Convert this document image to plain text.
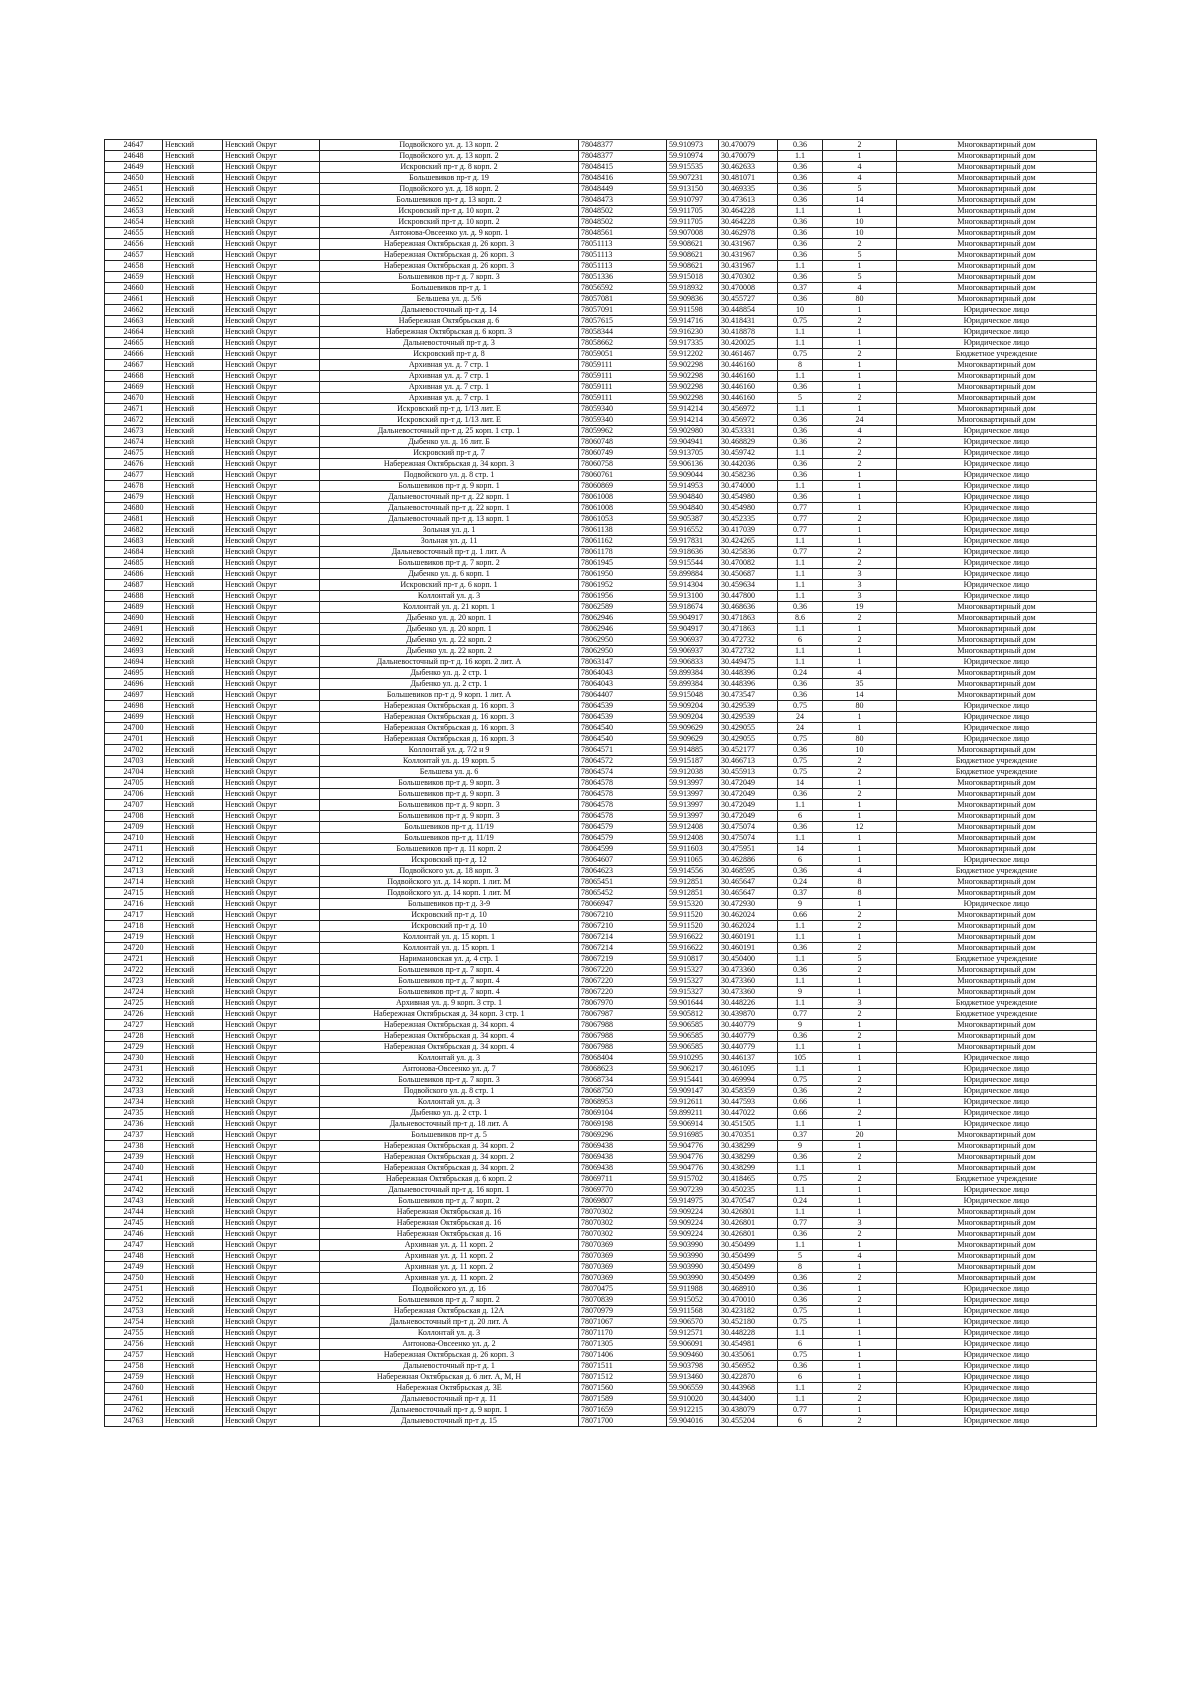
24647	Невский	Невский Округ	Подвойского ул. д. 13 корп. 2	78048377	59.910973	30.470079	0.36	2	Многоквартирный дом
24648	Невский	Невский Округ	Подвойского ул. д. 13 корп. 2	78048377	59.910974	30.470079	1.1	1	Многоквартирный дом
24649	Невский	Невский Округ	Искровский пр-т д. 8 корп. 2	78048415	59.915535	30.462633	0.36	4	Многоквартирный дом
24650	Невский	Невский Округ	Большевиков пр-т д. 19	78048416	59.907231	30.481071	0.36	4	Многоквартирный дом
24651	Невский	Невский Округ	Подвойского ул. д. 18 корп. 2	78048449	59.913150	30.469335	0.36	5	Многоквартирный дом
24652	Невский	Невский Округ	Большевиков пр-т д. 13 корп. 2	78048473	59.910797	30.473613	0.36	14	Многоквартирный дом
24653	Невский	Невский Округ	Искровский пр-т д. 10 корп. 2	78048502	59.911705	30.464228	1.1	1	Многоквартирный дом
24654	Невский	Невский Округ	Искровский пр-т д. 10 корп. 2	78048502	59.911705	30.464228	0.36	10	Многоквартирный дом
24655	Невский	Невский Округ	Антонова-Овсеенко ул. д. 9 корп. 1	78048561	59.907008	30.462978	0.36	10	Многоквартирный дом
24656	Невский	Невский Округ	Набережная Октябрьская д. 26 корп. 3	78051113	59.908621	30.431967	0.36	2	Многоквартирный дом
24657	Невский	Невский Округ	Набережная Октябрьская д. 26 корп. 3	78051113	59.908621	30.431967	0.36	5	Многоквартирный дом
24658	Невский	Невский Округ	Набережная Октябрьская д. 26 корп. 3	78051113	59.908621	30.431967	1.1	1	Многоквартирный дом
24659	Невский	Невский Округ	Большевиков пр-т д. 7 корп. 3	78051336	59.915018	30.470302	0.36	5	Многоквартирный дом
24660	Невский	Невский Округ	Большевиков пр-т д. 1	78056592	59.918932	30.470008	0.37	4	Многоквартирный дом
24661	Невский	Невский Округ	Бельшева ул. д. 5/6	78057081	59.909836	30.455727	0.36	80	Многоквартирный дом
24662	Невский	Невский Округ	Дальневосточный пр-т д. 14	78057091	59.911598	30.448854	10	1	Юридическое лицо
24663	Невский	Невский Округ	Набережная Октябрьская д. 6	78057615	59.914716	30.418431	0.75	2	Юридическое лицо
24664	Невский	Невский Округ	Набережная Октябрьская д. 6 корп. 3	78058344	59.916230	30.418878	1.1	1	Юридическое лицо
24665	Невский	Невский Округ	Дальневосточный пр-т д. 3	78058662	59.917335	30.420025	1.1	1	Юридическое лицо
24666	Невский	Невский Округ	Искровский пр-т д. 8	78059051	59.912202	30.461467	0.75	2	Бюджетное учреждение
24667	Невский	Невский Округ	Архивная ул. д. 7 стр. 1	78059111	59.902298	30.446160	8	1	Многоквартирный дом
24668	Невский	Невский Округ	Архивная ул. д. 7 стр. 1	78059111	59.902298	30.446160	1.1	1	Многоквартирный дом
24669	Невский	Невский Округ	Архивная ул. д. 7 стр. 1	78059111	59.902298	30.446160	0.36	1	Многоквартирный дом
24670	Невский	Невский Округ	Архивная ул. д. 7 стр. 1	78059111	59.902298	30.446160	5	2	Многоквартирный дом
24671	Невский	Невский Округ	Искровский пр-т д. 1/13 лит. Е	78059340	59.914214	30.456972	1.1	1	Многоквартирный дом
24672	Невский	Невский Округ	Искровский пр-т д. 1/13 лит. Е	78059340	59.914214	30.456972	0.36	24	Многоквартирный дом
24673	Невский	Невский Округ	Дальневосточный пр-т д. 25 корп. 1 стр. 1	78059962	59.902980	30.453331	0.36	4	Юридическое лицо
24674	Невский	Невский Округ	Дыбенко ул. д. 16 лит. Б	78060748	59.904941	30.468829	0.36	2	Юридическое лицо
24675	Невский	Невский Округ	Искровский пр-т д. 7	78060749	59.913705	30.459742	1.1	2	Юридическое лицо
24676	Невский	Невский Округ	Набережная Октябрьская д. 34 корп. 3	78060758	59.906136	30.442036	0.36	2	Юридическое лицо
24677	Невский	Невский Округ	Подвойского ул. д. 8 стр. 1	78060761	59.909044	30.458236	0.36	1	Юридическое лицо
24678	Невский	Невский Округ	Большевиков пр-т д. 9 корп. 1	78060869	59.914953	30.474000	1.1	1	Юридическое лицо
24679	Невский	Невский Округ	Дальневосточный пр-т д. 22 корп. 1	78061008	59.904840	30.454980	0.36	1	Юридическое лицо
24680	Невский	Невский Округ	Дальневосточный пр-т д. 22 корп. 1	78061008	59.904840	30.454980	0.77	1	Юридическое лицо
24681	Невский	Невский Округ	Дальневосточный пр-т д. 13 корп. 1	78061053	59.905387	30.452335	0.77	2	Юридическое лицо
24682	Невский	Невский Округ	Зольная ул. д. 1	78061138	59.916552	30.417039	0.77	1	Юридическое лицо
24683	Невский	Невский Округ	Зольная ул. д. 11	78061162	59.917831	30.424265	1.1	1	Юридическое лицо
24684	Невский	Невский Округ	Дальневосточный пр-т д. 1 лит. А	78061178	59.918636	30.425836	0.77	2	Юридическое лицо
24685	Невский	Невский Округ	Большевиков пр-т д. 7 корп. 2	78061945	59.915544	30.470082	1.1	2	Юридическое лицо
24686	Невский	Невский Округ	Дыбенко ул. д. 6 корп. 1	78061950	59.899884	30.450687	1.1	3	Юридическое лицо
24687	Невский	Невский Округ	Искровский пр-т д. 6 корп. 1	78061952	59.914304	30.459634	1.1	3	Юридическое лицо
24688	Невский	Невский Округ	Коллонтай ул. д. 3	78061956	59.913100	30.447800	1.1	3	Юридическое лицо
24689	Невский	Невский Округ	Коллонтай ул. д. 21 корп. 1	78062589	59.918674	30.468636	0.36	19	Многоквартирный дом
24690	Невский	Невский Округ	Дыбенко ул. д. 20 корп. 1	78062946	59.904917	30.471863	8.6	2	Многоквартирный дом
24691	Невский	Невский Округ	Дыбенко ул. д. 20 корп. 1	78062946	59.904917	30.471863	1.1	1	Многоквартирный дом
24692	Невский	Невский Округ	Дыбенко ул. д. 22 корп. 2	78062950	59.906937	30.472732	6	2	Многоквартирный дом
24693	Невский	Невский Округ	Дыбенко ул. д. 22 корп. 2	78062950	59.906937	30.472732	1.1	1	Многоквартирный дом
24694	Невский	Невский Округ	Дальневосточный пр-т д. 16 корп. 2 лит. А	78063147	59.906833	30.449475	1.1	1	Юридическое лицо
24695	Невский	Невский Округ	Дыбенко ул. д. 2 стр. 1	78064043	59.899384	30.448396	0.24	4	Многоквартирный дом
24696	Невский	Невский Округ	Дыбенко ул. д. 2 стр. 1	78064043	59.899384	30.448396	0.36	35	Многоквартирный дом
24697	Невский	Невский Округ	Большевиков пр-т д. 9 корп. 1 лит. А	78064407	59.915048	30.473547	0.36	14	Многоквартирный дом
24698	Невский	Невский Округ	Набережная Октябрьская д. 16 корп. 3	78064539	59.909204	30.429539	0.75	80	Юридическое лицо
24699	Невский	Невский Округ	Набережная Октябрьская д. 16 корп. 3	78064539	59.909204	30.429539	24	1	Юридическое лицо
24700	Невский	Невский Округ	Набережная Октябрьская д. 16 корп. 3	78064540	59.909629	30.429055	24	1	Юридическое лицо
24701	Невский	Невский Округ	Набережная Октябрьская д. 16 корп. 3	78064540	59.909629	30.429055	0.75	80	Юридическое лицо
24702	Невский	Невский Округ	Коллонтай ул. д. 7/2 н 9	78064571	59.914885	30.452177	0.36	10	Многоквартирный дом
24703	Невский	Невский Округ	Коллонтай ул. д. 19 корп. 5	78064572	59.915187	30.466713	0.75	2	Бюджетное учреждение
24704	Невский	Невский Округ	Бельшева ул. д. 6	78064574	59.912038	30.455913	0.75	2	Бюджетное учреждение
24705	Невский	Невский Округ	Большевиков пр-т д. 9 корп. 3	78064578	59.913997	30.472049	14	1	Многоквартирный дом
24706	Невский	Невский Округ	Большевиков пр-т д. 9 корп. 3	78064578	59.913997	30.472049	0.36	2	Многоквартирный дом
24707	Невский	Невский Округ	Большевиков пр-т д. 9 корп. 3	78064578	59.913997	30.472049	1.1	1	Многоквартирный дом
24708	Невский	Невский Округ	Большевиков пр-т д. 9 корп. 3	78064578	59.913997	30.472049	6	1	Многоквартирный дом
24709	Невский	Невский Округ	Большевиков пр-т д. 11/19	78064579	59.912408	30.475074	0.36	12	Многоквартирный дом
24710	Невский	Невский Округ	Большевиков пр-т д. 11/19	78064579	59.912408	30.475074	1.1	1	Многоквартирный дом
24711	Невский	Невский Округ	Большевиков пр-т д. 11 корп. 2	78064599	59.911603	30.475951	14	1	Многоквартирный дом
24712	Невский	Невский Округ	Искровский пр-т д. 12	78064607	59.911065	30.462886	6	1	Юридическое лицо
24713	Невский	Невский Округ	Подвойского ул. д. 18 корп. 3	78064623	59.914556	30.468595	0.36	4	Бюджетное учреждение
24714	Невский	Невский Округ	Подвойского ул. д. 14 корп. 1 лит. М	78065451	59.912851	30.465647	0.24	8	Многоквартирный дом
24715	Невский	Невский Округ	Подвойского ул. д. 14 корп. 1 лит. М	78065452	59.912851	30.465647	0.37	8	Многоквартирный дом
24716	Невский	Невский Округ	Большевиков пр-т д. 3-9	78066947	59.915320	30.472930	9	1	Юридическое лицо
24717	Невский	Невский Округ	Искровский пр-т д. 10	78067210	59.911520	30.462024	0.66	2	Многоквартирный дом
24718	Невский	Невский Округ	Искровский пр-т д. 10	78067210	59.911520	30.462024	1.1	2	Многоквартирный дом
24719	Невский	Невский Округ	Коллонтай ул. д. 15 корп. 1	78067214	59.916622	30.460191	1.1	1	Многоквартирный дом
24720	Невский	Невский Округ	Коллонтай ул. д. 15 корп. 1	78067214	59.916622	30.460191	0.36	2	Многоквартирный дом
24721	Невский	Невский Округ	Наримановская ул. д. 4 стр. 1	78067219	59.910817	30.450400	1.1	5	Бюджетное учреждение
24722	Невский	Невский Округ	Большевиков пр-т д. 7 корп. 4	78067220	59.915327	30.473360	0.36	2	Многоквартирный дом
24723	Невский	Невский Округ	Большевиков пр-т д. 7 корп. 4	78067220	59.915327	30.473360	1.1	1	Многоквартирный дом
24724	Невский	Невский Округ	Большевиков пр-т д. 7 корп. 4	78067220	59.915327	30.473360	9	1	Многоквартирный дом
24725	Невский	Невский Округ	Архивная ул. д. 9 корп. 3 стр. 1	78067970	59.901644	30.448226	1.1	3	Бюджетное учреждение
24726	Невский	Невский Округ	Набережная Октябрьская д. 34 корп. 3 стр. 1	78067987	59.905812	30.439870	0.77	2	Бюджетное учреждение
24727	Невский	Невский Округ	Набережная Октябрьская д. 34 корп. 4	78067988	59.906585	30.440779	9	1	Многоквартирный дом
24728	Невский	Невский Округ	Набережная Октябрьская д. 34 корп. 4	78067988	59.906585	30.440779	0.36	2	Многоквартирный дом
24729	Невский	Невский Округ	Набережная Октябрьская д. 34 корп. 4	78067988	59.906585	30.440779	1.1	1	Многоквартирный дом
24730	Невский	Невский Округ	Коллонтай ул. д. 3	78068404	59.910295	30.446137	105	1	Юридическое лицо
24731	Невский	Невский Округ	Антонова-Овсеенко ул. д. 7	78068623	59.906217	30.461095	1.1	1	Юридическое лицо
24732	Невский	Невский Округ	Большевиков пр-т д. 7 корп. 3	78068734	59.915441	30.469994	0.75	2	Юридическое лицо
24733	Невский	Невский Округ	Подвойского ул. д. 8 стр. 1	78068750	59.909147	30.458359	0.36	2	Юридическое лицо
24734	Невский	Невский Округ	Коллонтай ул. д. 3	78068953	59.912611	30.447593	0.66	1	Юридическое лицо
24735	Невский	Невский Округ	Дыбенко ул. д. 2 стр. 1	78069104	59.899211	30.447022	0.66	2	Юридическое лицо
24736	Невский	Невский Округ	Дальневосточный пр-т д. 18 лит. А	78069198	59.906914	30.451505	1.1	1	Юридическое лицо
24737	Невский	Невский Округ	Большевиков пр-т д. 5	78069296	59.916985	30.470351	0.37	20	Многоквартирный дом
24738	Невский	Невский Округ	Набережная Октябрьская д. 34 корп. 2	78069438	59.904776	30.438299	9	1	Многоквартирный дом
24739	Невский	Невский Округ	Набережная Октябрьская д. 34 корп. 2	78069438	59.904776	30.438299	0.36	2	Многоквартирный дом
24740	Невский	Невский Округ	Набережная Октябрьская д. 34 корп. 2	78069438	59.904776	30.438299	1.1	1	Многоквартирный дом
24741	Невский	Невский Округ	Набережная Октябрьская д. 6 корп. 2	78069711	59.915702	30.418465	0.75	2	Бюджетное учреждение
24742	Невский	Невский Округ	Дальневосточный пр-т д. 16 корп. 1	78069770	59.907239	30.450235	1.1	1	Юридическое лицо
24743	Невский	Невский Округ	Большевиков пр-т д. 7 корп. 2	78069807	59.914975	30.470547	0.24	1	Юридическое лицо
24744	Невский	Невский Округ	Набережная Октябрьская д. 16	78070302	59.909224	30.426801	1.1	1	Многоквартирный дом
24745	Невский	Невский Округ	Набережная Октябрьская д. 16	78070302	59.909224	30.426801	0.77	3	Многоквартирный дом
24746	Невский	Невский Округ	Набережная Октябрьская д. 16	78070302	59.909224	30.426801	0.36	2	Многоквартирный дом
24747	Невский	Невский Округ	Архивная ул. д. 11 корп. 2	78070369	59.903990	30.450499	1.1	1	Многоквартирный дом
24748	Невский	Невский Округ	Архивная ул. д. 11 корп. 2	78070369	59.903990	30.450499	5	4	Многоквартирный дом
24749	Невский	Невский Округ	Архивная ул. д. 11 корп. 2	78070369	59.903990	30.450499	8	1	Многоквартирный дом
24750	Невский	Невский Округ	Архивная ул. д. 11 корп. 2	78070369	59.903990	30.450499	0.36	2	Многоквартирный дом
24751	Невский	Невский Округ	Подвойского ул. д. 16	78070475	59.911988	30.468910	0.36	1	Юридическое лицо
24752	Невский	Невский Округ	Большевиков пр-т д. 7 корп. 2	78070839	59.915052	30.470010	0.36	2	Юридическое лицо
24753	Невский	Невский Округ	Набережная Октябрьская д. 12А	78070979	59.911568	30.423182	0.75	1	Юридическое лицо
24754	Невский	Невский Округ	Дальневосточный пр-т д. 20 лит. А	78071067	59.906570	30.452180	0.75	1	Юридическое лицо
24755	Невский	Невский Округ	Коллонтай ул. д. 3	78071170	59.912571	30.448228	1.1	1	Юридическое лицо
24756	Невский	Невский Округ	Антонова-Овсеенко ул. д. 2	78071305	59.906091	30.454981	6	1	Юридическое лицо
24757	Невский	Невский Округ	Набережная Октябрьская д. 26 корп. 3	78071406	59.909460	30.435061	0.75	1	Юридическое лицо
24758	Невский	Невский Округ	Дальневосточный пр-т д. 1	78071511	59.903798	30.456952	0.36	1	Юридическое лицо
24759	Невский	Невский Округ	Набережная Октябрьская д. 6 лит. А, М, Н	78071512	59.913460	30.422870	6	1	Юридическое лицо
24760	Невский	Невский Округ	Набережная Октябрьская д. 3Е	78071560	59.906559	30.443968	1.1	2	Юридическое лицо
24761	Невский	Невский Округ	Дальневосточный пр-т д. 11	78071589	59.910020	30.443400	1.1	2	Юридическое лицо
24762	Невский	Невский Округ	Дальневосточный пр-т д. 9 корп. 1	78071659	59.912215	30.438079	0.77	1	Юридическое лицо
24763	Невский	Невский Округ	Дальневосточный пр-т д. 15	78071700	59.904016	30.455204	6	2	Юридическое лицо
